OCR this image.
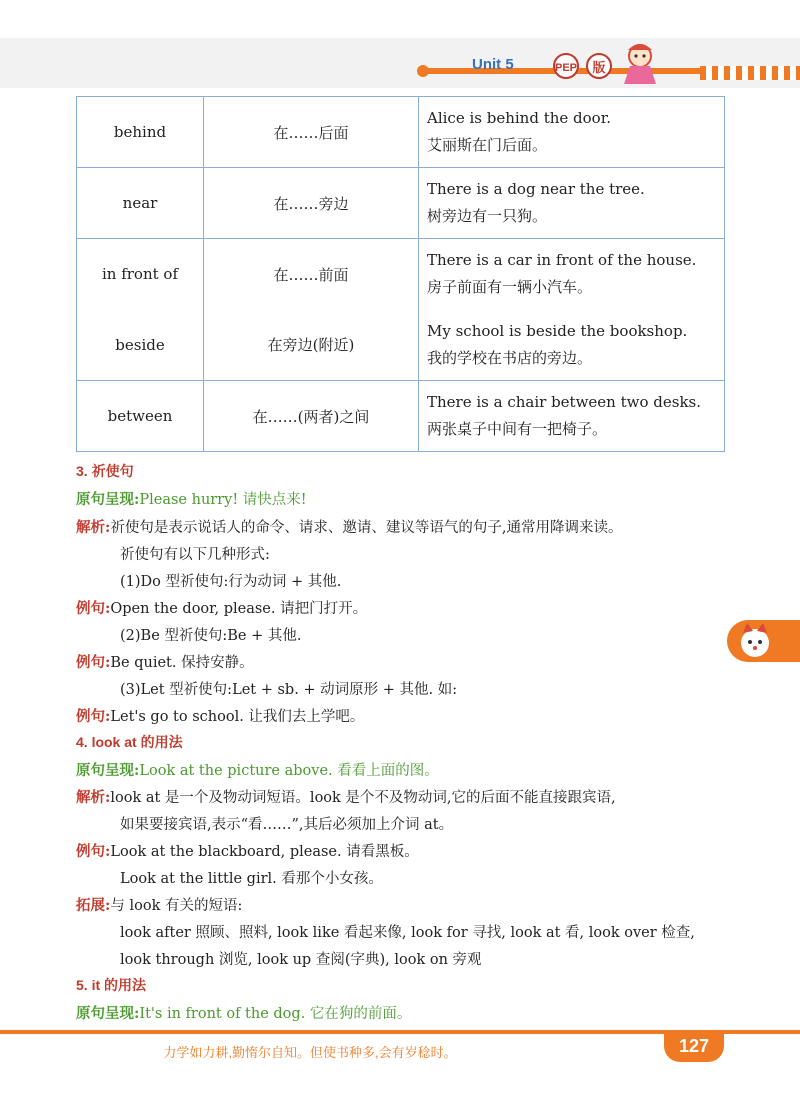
Unit 5	PEP	版
behind	在……后面	Alice is behind the door.
艾丽斯在门后面。

near	在……旁边	There is a dog near the tree.
树旁边有一只狗。

in front of	在……前面	There is a car in front of the house.
房子前面有一辆小汽车。

beside	在旁边(附近)	My school is beside the bookshop.
我的学校在书店的旁边。

between	在……(两者)之间	There is a chair between two desks.
两张桌子中间有一把椅子。
3. 祈使句
原句呈现:Please hurry! 请快点来!
解析:祈使句是表示说话人的命令、请求、邀请、建议等语气的句子,通常用降调来读。
祈使句有以下几种形式:
(1)Do 型祈使句:行为动词 + 其他.
例句:Open the door, please. 请把门打开。
(2)Be 型祈使句:Be + 其他.
例句:Be quiet. 保持安静。
(3)Let 型祈使句:Let + sb. + 动词原形 + 其他. 如:
例句:Let's go to school. 让我们去上学吧。
4. look at 的用法
原句呈现:Look at the picture above. 看看上面的图。
解析:look at 是一个及物动词短语。look 是个不及物动词,它的后面不能直接跟宾语,
如果要接宾语,表示“看……”,其后必须加上介词 at。
例句:Look at the blackboard, please. 请看黑板。
Look at the little girl. 看那个小女孩。
拓展:与 look 有关的短语:
look after 照顾、照料, look like 看起来像, look for 寻找, look at 看, look over 检查,
look through 浏览, look up 查阅(字典), look on 旁观
5. it 的用法
原句呈现:It's in front of the dog. 它在狗的前面。
力学如力耕,勤惰尔自知。但使书种多,会有岁稔时。	127
